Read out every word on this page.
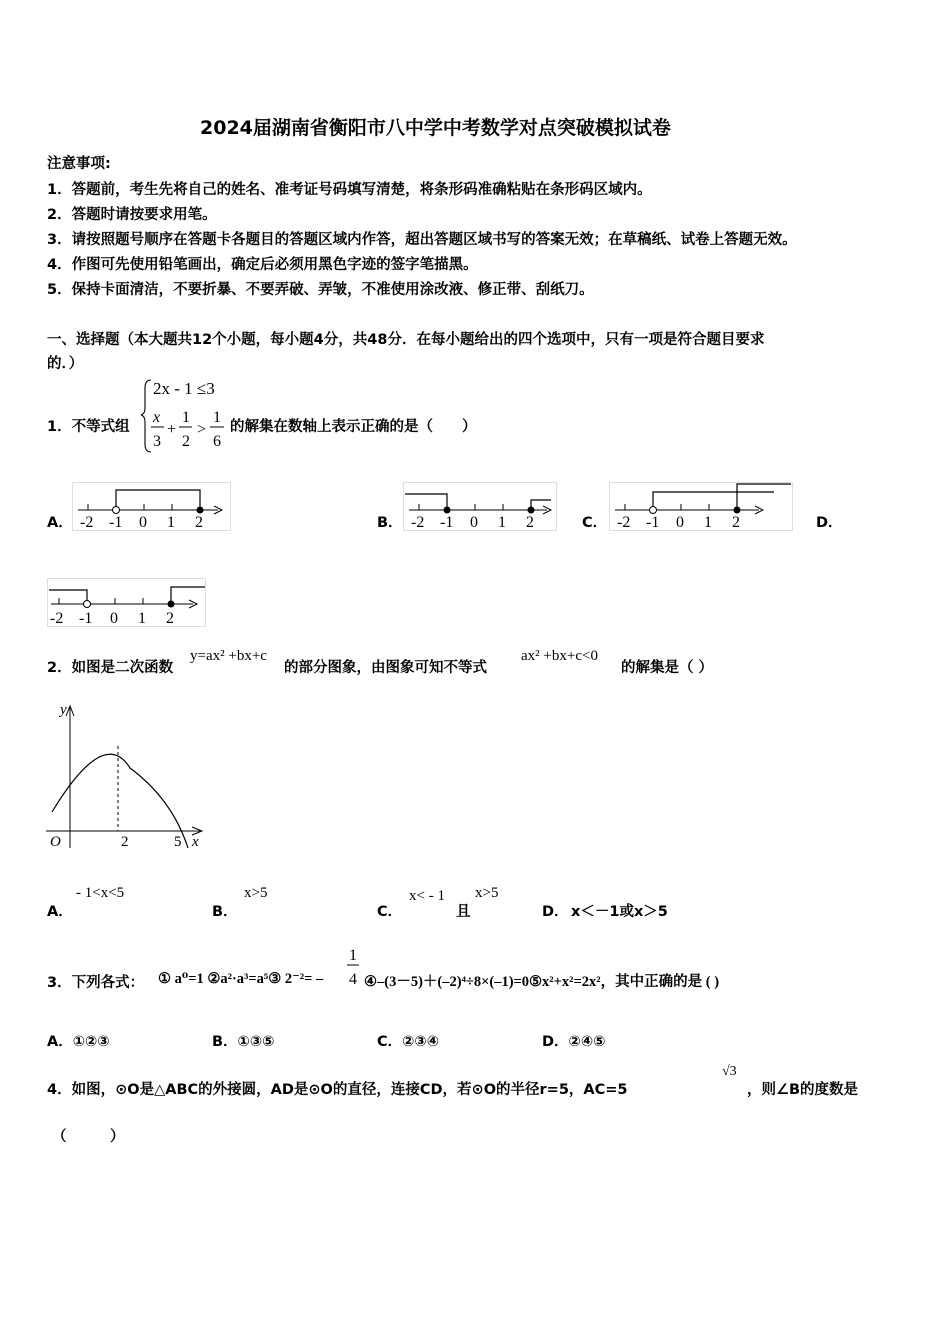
2024届湖南省衡阳市八中学中考数学对点突破模拟试卷
注意事项:
1．答题前，考生先将自己的姓名、准考证号码填写清楚，将条形码准确粘贴在条形码区域内。
2．答题时请按要求用笔。
3．请按照题号顺序在答题卡各题目的答题区域内作答，超出答题区域书写的答案无效；在草稿纸、试卷上答题无效。
4．作图可先使用铅笔画出，确定后必须用黑色字迹的签字笔描黑。
5．保持卡面清洁，不要折暴、不要弄破、弄皱，不准使用涂改液、修正带、刮纸刀。
一、选择题（本大题共12个小题，每小题4分，共48分．在每小题给出的四个选项中，只有一项是符合题目要求
的．）
1．不等式组
2x - 1 ≤3
x
3
+
1
2
>
1
6
的解集在数轴上表示正确的是（　　）
A． -2 -1 0 1 2	B． -2 -1 0 1 2	C． -2 -1 0 1 2	D．
-2 -1 0 1 2
2．如图是二次函数
y=ax² +bx+c
的部分图象，由图象可知不等式
ax² +bx+c<0
的解集是（ ）
y
x
O	2	5
A．
- 1<x<5
B．
x>5
C．
x< - 1
且
x>5
D． x＜－1或x＞5
3．下列各式： ① a⁰=1 ②a²·a³=a⁵③ 2⁻²= –
1
4 ④–(3－5)＋(–2)⁴÷8×(–1)=0⑤x²+x²=2x²，其中正确的是 ( )
A．①②③	B．①③⑤	C．②③④	D．②④⑤
4．如图，⊙O是△ABC的外接圆，AD是⊙O的直径，连接CD，若⊙O的半径r=5，AC=5
√3
，则∠B的度数是
（　　　）
